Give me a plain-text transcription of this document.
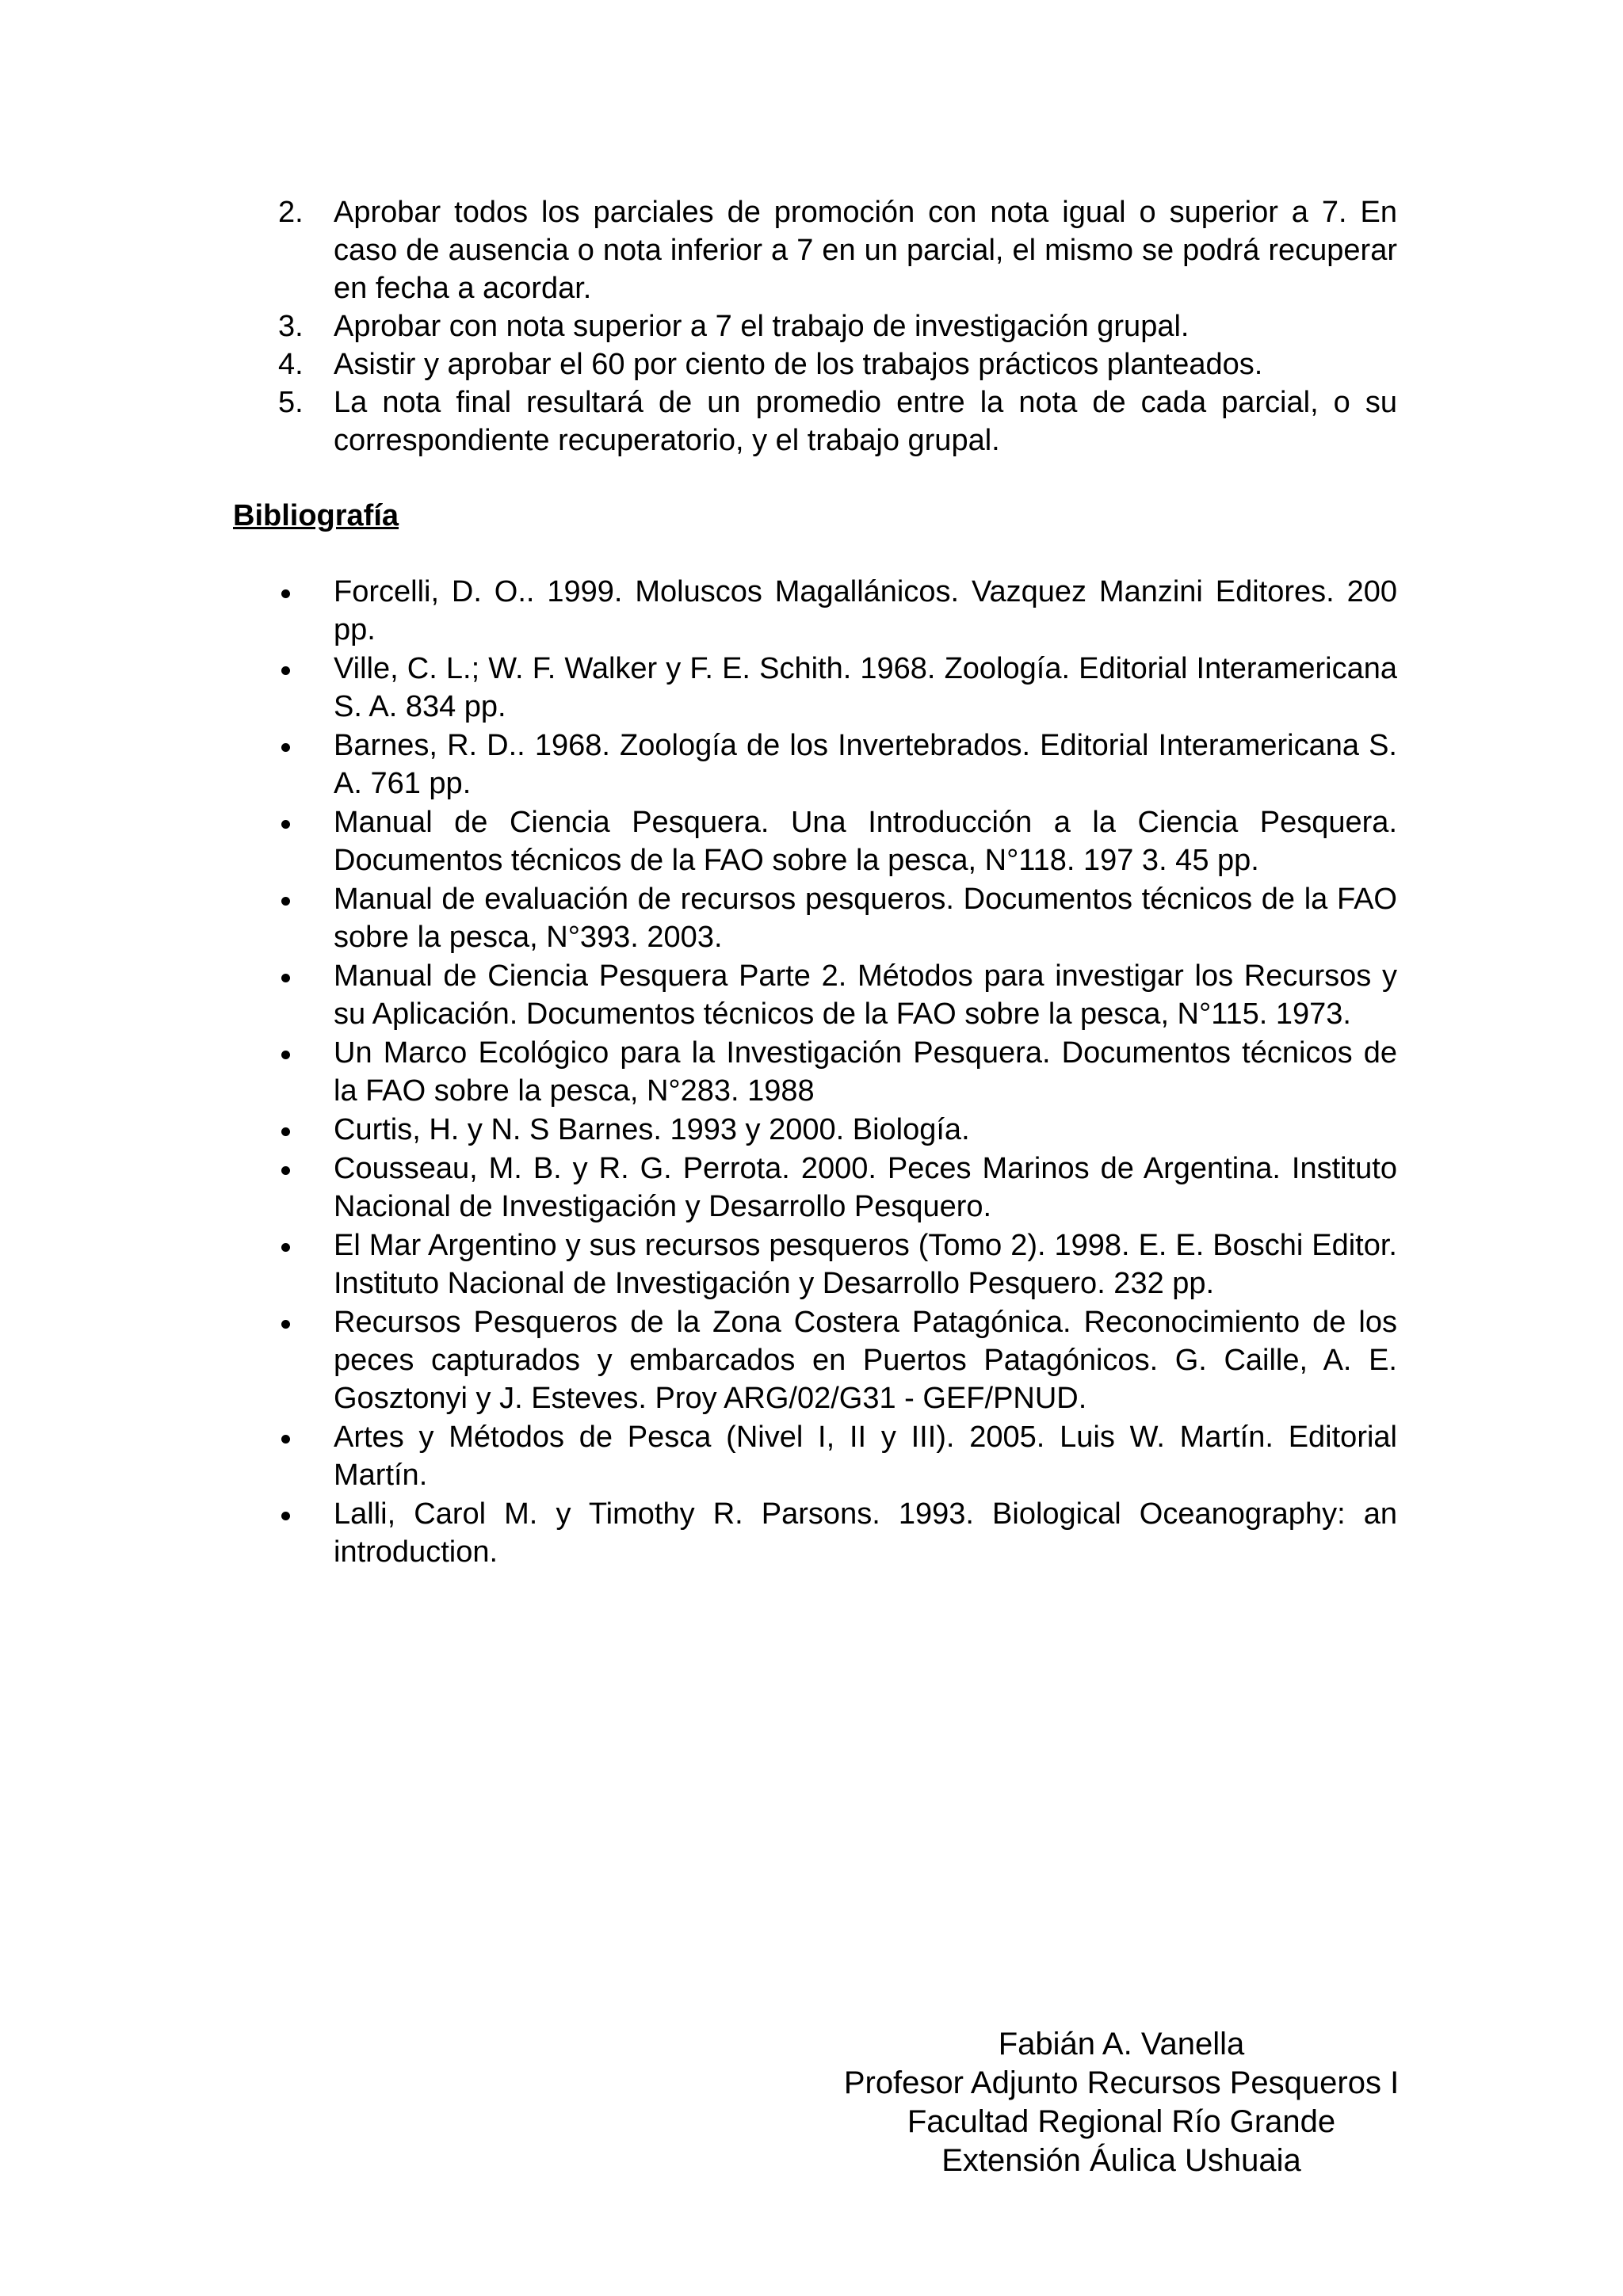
2. Aprobar todos los parciales de promoción con nota igual o superior a 7. En caso de ausencia o nota inferior a 7 en un parcial, el mismo se podrá recuperar en fecha a acordar.
3. Aprobar con nota superior a 7 el trabajo de investigación grupal.
4. Asistir y aprobar el 60 por ciento de los trabajos prácticos planteados.
5. La nota final resultará de un promedio entre la nota de cada parcial, o su correspondiente recuperatorio, y el trabajo grupal.
Bibliografía
Forcelli, D. O.. 1999. Moluscos Magallánicos. Vazquez Manzini Editores. 200 pp.
Ville, C. L.; W. F. Walker y F. E. Schith. 1968. Zoología. Editorial Interamericana S. A. 834 pp.
Barnes, R. D.. 1968. Zoología de los Invertebrados. Editorial Interamericana S. A. 761 pp.
Manual de Ciencia Pesquera. Una Introducción a la Ciencia Pesquera. Documentos técnicos de la FAO sobre la pesca, N°118. 197 3. 45 pp.
Manual de evaluación de recursos pesqueros. Documentos técnicos de la FAO sobre la pesca, N°393. 2003.
Manual de Ciencia Pesquera Parte 2. Métodos para investigar los Recursos y su Aplicación. Documentos técnicos de la FAO sobre la pesca, N°115. 1973.
Un Marco Ecológico para la Investigación Pesquera. Documentos técnicos de la FAO sobre la pesca, N°283. 1988
Curtis, H. y N. S Barnes. 1993 y 2000. Biología.
Cousseau, M. B. y R. G. Perrota. 2000. Peces Marinos de Argentina. Instituto Nacional de Investigación y Desarrollo Pesquero.
El Mar Argentino y sus recursos pesqueros (Tomo 2). 1998. E. E. Boschi Editor. Instituto Nacional de Investigación y Desarrollo Pesquero. 232 pp.
Recursos Pesqueros de la Zona Costera Patagónica. Reconocimiento de los peces capturados y embarcados en Puertos Patagónicos. G. Caille, A. E. Gosztonyi y J. Esteves. Proy ARG/02/G31 - GEF/PNUD.
Artes y Métodos de Pesca (Nivel I, II y III). 2005. Luis W. Martín. Editorial Martín.
Lalli, Carol M. y Timothy R. Parsons. 1993. Biological Oceanography: an introduction.
Fabián A. Vanella
Profesor Adjunto Recursos Pesqueros I
Facultad Regional Río Grande
Extensión Áulica Ushuaia
